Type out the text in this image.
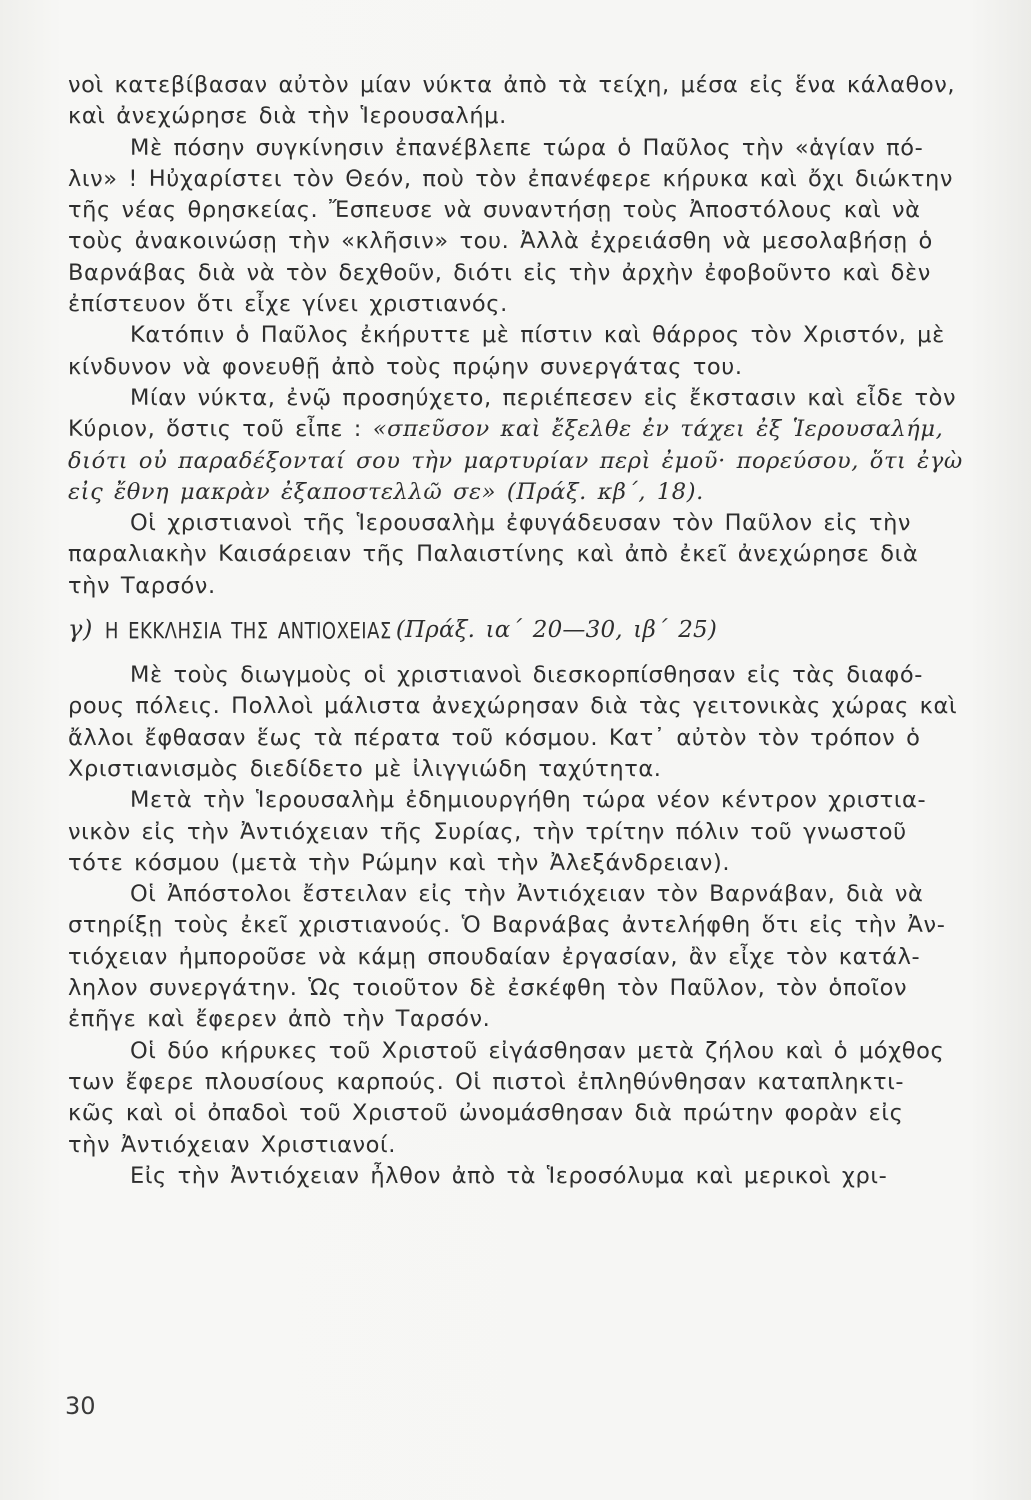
νοὶ κατεβίβασαν αὐτὸν μίαν νύκτα ἀπὸ τὰ τείχη, μέσα εἰς ἕνα κάλαθον,
καὶ ἀνεχώρησε διὰ τὴν Ἱερουσαλήμ.
Μὲ πόσην συγκίνησιν ἐπανέβλεπε τώρα ὁ Παῦλος τὴν «ἁγίαν πό-
λιν» ! Ηὐχαρίστει τὸν Θεόν, ποὺ τὸν ἐπανέφερε κήρυκα καὶ ὄχι διώκτην
τῆς νέας θρησκείας. Ἔσπευσε νὰ συναντήσῃ τοὺς Ἀποστόλους καὶ νὰ
τοὺς ἀνακοινώσῃ τὴν «κλῆσιν» του. Ἀλλὰ ἐχρειάσθη νὰ μεσολαβήσῃ ὁ
Βαρνάβας διὰ νὰ τὸν δεχθοῦν, διότι εἰς τὴν ἀρχὴν ἐφοβοῦντο καὶ δὲν
ἐπίστευον ὅτι εἶχε γίνει χριστιανός.
Κατόπιν ὁ Παῦλος ἐκήρυττε μὲ πίστιν καὶ θάρρος τὸν Χριστόν, μὲ
κίνδυνον νὰ φονευθῇ ἀπὸ τοὺς πρῴην συνεργάτας του.
Μίαν νύκτα, ἐνῷ προσηύχετο, περιέπεσεν εἰς ἔκστασιν καὶ εἶδε τὸν
Κύριον, ὅστις τοῦ εἶπε : «σπεῦσον καὶ ἔξελθε ἐν τάχει ἐξ Ἱερουσαλήμ,
διότι οὐ παραδέξονταί σου τὴν μαρτυρίαν περὶ ἐμοῦ· πορεύσου, ὅτι ἐγὼ
εἰς ἔθνη μακρὰν ἐξαποστελλῶ σε» (Πράξ. κβ΄, 18).
Οἱ χριστιανοὶ τῆς Ἱερουσαλὴμ ἐφυγάδευσαν τὸν Παῦλον εἰς τὴν
παραλιακὴν Καισάρειαν τῆς Παλαιστίνης καὶ ἀπὸ ἐκεῖ ἀνεχώρησε διὰ
τὴν Ταρσόν.
γ) Η ΕΚΚΛΗΣΙΑ ΤΗΣ ΑΝΤΙΟΧΕΙΑΣ (Πράξ. ια΄ 20—30, ιβ΄ 25)
Μὲ τοὺς διωγμοὺς οἱ χριστιανοὶ διεσκορπίσθησαν εἰς τὰς διαφό-
ρους πόλεις. Πολλοὶ μάλιστα ἀνεχώρησαν διὰ τὰς γειτονικὰς χώρας καὶ
ἄλλοι ἔφθασαν ἕως τὰ πέρατα τοῦ κόσμου. Κατ᾽ αὐτὸν τὸν τρόπον ὁ
Χριστιανισμὸς διεδίδετο μὲ ἰλιγγιώδη ταχύτητα.
Μετὰ τὴν Ἱερουσαλὴμ ἐδημιουργήθη τώρα νέον κέντρον χριστια-
νικὸν εἰς τὴν Ἀντιόχειαν τῆς Συρίας, τὴν τρίτην πόλιν τοῦ γνωστοῦ
τότε κόσμου (μετὰ τὴν Ρώμην καὶ τὴν Ἀλεξάνδρειαν).
Οἱ Ἀπόστολοι ἔστειλαν εἰς τὴν Ἀντιόχειαν τὸν Βαρνάβαν, διὰ νὰ
στηρίξῃ τοὺς ἐκεῖ χριστιανούς. Ὁ Βαρνάβας ἀντελήφθη ὅτι εἰς τὴν Ἀν-
τιόχειαν ἠμποροῦσε νὰ κάμῃ σπουδαίαν ἐργασίαν, ἂν εἶχε τὸν κατάλ-
ληλον συνεργάτην. Ὡς τοιοῦτον δὲ ἐσκέφθη τὸν Παῦλον, τὸν ὁποῖον
ἐπῆγε καὶ ἔφερεν ἀπὸ τὴν Ταρσόν.
Οἱ δύο κήρυκες τοῦ Χριστοῦ εἰγάσθησαν μετὰ ζήλου καὶ ὁ μόχθος
των ἔφερε πλουσίους καρπούς. Οἱ πιστοὶ ἐπληθύνθησαν καταπληκτι-
κῶς καὶ οἱ ὀπαδοὶ τοῦ Χριστοῦ ὠνομάσθησαν διὰ πρώτην φορὰν εἰς
τὴν Ἀντιόχειαν Χριστιανοί.
Εἰς τὴν Ἀντιόχειαν ἦλθον ἀπὸ τὰ Ἱεροσόλυμα καὶ μερικοὶ χρι-
30
